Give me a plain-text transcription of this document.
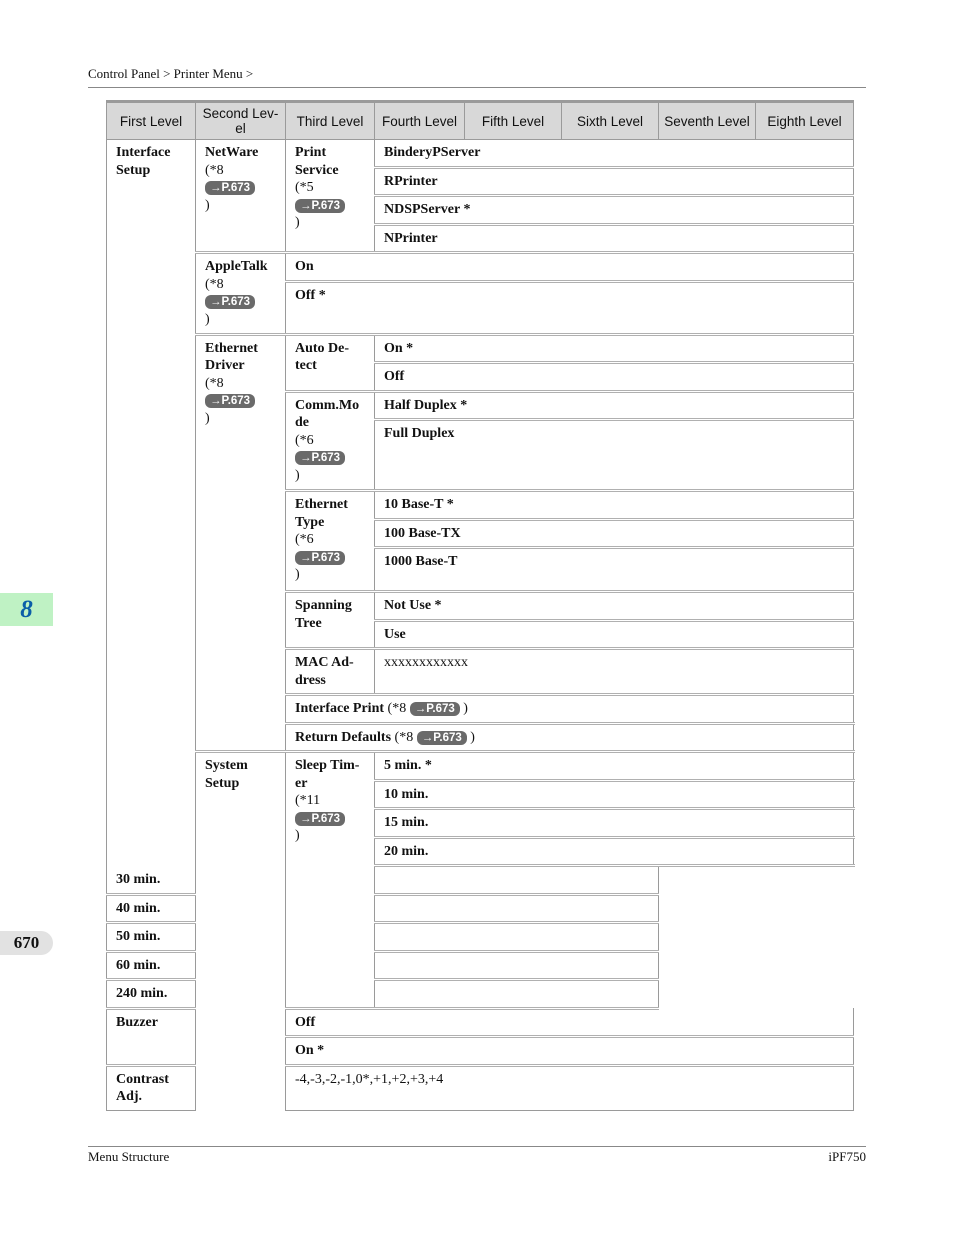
Control Panel > Printer Menu >
8
670
First Level	Second Lev-el	Third Level	Fourth Level	Fifth Level	Sixth Level	Seventh Level	Eighth Level
Interface Setup	NetWare
(*8
→P.673
)	Print Service
(*5
→P.673
)	BinderyPServer				
			RPrinter				
			NDSPServer *				
			NPrinter				
	AppleTalk
(*8
→P.673
)	On					
		Off *					
	Ethernet Driver
(*8
→P.673
)	Auto De-tect	On *				
			Off				
		Comm.Mo de
(*6
→P.673
)	Half Duplex *				
			Full Duplex				
		Ethernet Type
(*6
→P.673
)	10 Base-T *				
			100 Base-TX				
			1000 Base-T				
		Spanning Tree	Not Use *				
			Use				
		MAC Ad-dress	xxxxxxxxxxxx				
		Interface Print (*8 →P.673 )					
		Return Defaults (*8 →P.673 )					
	System Setup	Sleep Tim-er
(*11
→P.673
)	5 min. *				
			10 min.				
			15 min.				
			20 min.				
30 min.							
40 min.							
50 min.							
60 min.							
240 min.							
Buzzer		Off					
		On *					
Contrast Adj.		-4,-3,-2,-1,0*,+1,+2,+3,+4					
Menu Structure	iPF750
